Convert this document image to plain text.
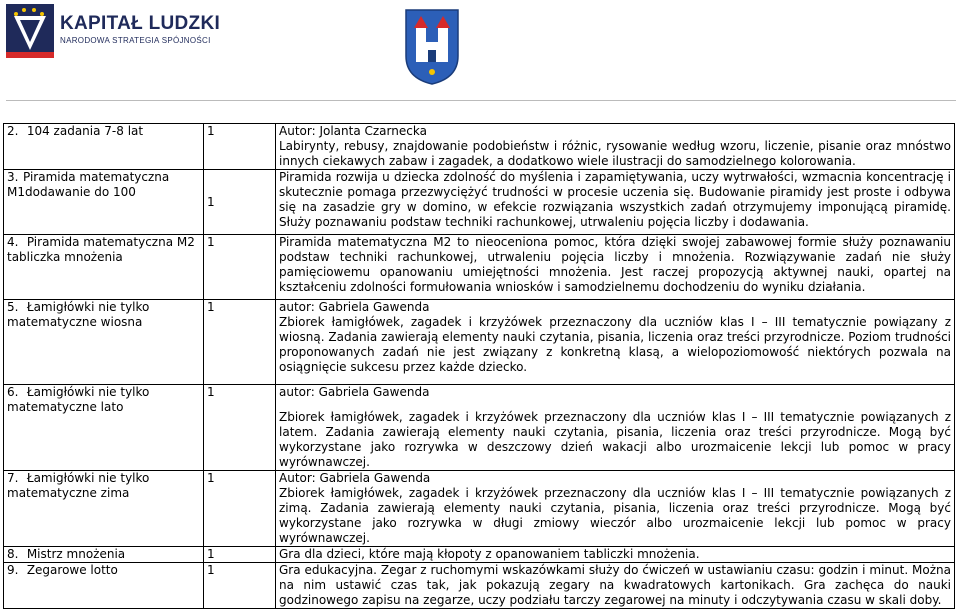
KAPITAŁ LUDZKI
NARODOWA STRATEGIA SPÓJNOŚCI
2. 104 zadania 7-8 lat	1	Autor: Jolanta Czarnecka
Labirynty, rebusy, znajdowanie podobieństw i różnic, rysowanie według wzoru, liczenie, pisanie oraz mnóstwo innych ciekawych zabaw i zagadek, a dodatkowo wiele ilustracji do samodzielnego kolorowania.

3. Piramida matematyczna M1dodawanie do 100	1	Piramida rozwija u dziecka zdolność do myślenia i zapamiętywania, uczy wytrwałości, wzmacnia koncentrację i skutecznie pomaga przezwyciężyć trudności w procesie uczenia się. Budowanie piramidy jest proste i odbywa się na zasadzie gry w domino, w efekcie rozwiązania wszystkich zadań otrzymujemy imponującą piramidę. Służy poznawaniu podstaw techniki rachunkowej, utrwaleniu pojęcia liczby i dodawania.
4. Piramida matematyczna M2 tabliczka mnożenia	1	Piramida matematyczna M2 to nieoceniona pomoc, która dzięki swojej zabawowej formie służy poznawaniu podstaw techniki rachunkowej, utrwaleniu pojęcia liczby i mnożenia. Rozwiązywanie zadań nie służy pamięciowemu opanowaniu umiejętności mnożenia. Jest raczej propozycją aktywnej nauki, opartej na kształceniu zdolności formułowania wniosków i samodzielnemu dochodzeniu do wyniku działania.
5. Łamigłówki nie tylko matematyczne wiosna	1	autor: Gabriela Gawenda
Zbiorek łamigłówek, zagadek i krzyżówek przeznaczony dla uczniów klas I – III tematycznie powiązany z wiosną. Zadania zawierają elementy nauki czytania, pisania, liczenia oraz treści przyrodnicze. Poziom trudności proponowanych zadań nie jest związany z konkretną klasą, a wielopoziomowość niektórych pozwala na osiągnięcie sukcesu przez każde dziecko.

6. Łamigłówki nie tylko matematyczne lato	1	autor: Gabriela Gawenda
Zbiorek łamigłówek, zagadek i krzyżówek przeznaczony dla uczniów klas I – III tematycznie powiązanych z latem. Zadania zawierają elementy nauki czytania, pisania, liczenia oraz treści przyrodnicze. Mogą być wykorzystane jako rozrywka w deszczowy dzień wakacji albo urozmaicenie lekcji lub pomoc w pracy wyrównawczej.

7. Łamigłówki nie tylko matematyczne zima	1	Autor: Gabriela Gawenda
Zbiorek łamigłówek, zagadek i krzyżówek przeznaczony dla uczniów klas I – III tematycznie powiązanych z zimą. Zadania zawierają elementy nauki czytania, pisania, liczenia oraz treści przyrodnicze. Mogą być wykorzystane jako rozrywka w długi zmiowy wieczór albo urozmaicenie lekcji lub pomoc w pracy wyrównawczej.

8. Mistrz mnożenia	1	Gra dla dzieci, które mają kłopoty z opanowaniem tabliczki mnożenia.
9. Zegarowe lotto	1	Gra edukacyjna. Zegar z ruchomymi wskazówkami służy do ćwiczeń w ustawianiu czasu: godzin i minut. Można na nim ustawić czas tak, jak pokazują zegary na kwadratowych kartonikach. Gra zachęca do nauki godzinowego zapisu na zegarze, uczy podziału tarczy zegarowej na minuty i odczytywania czasu w skali doby.
